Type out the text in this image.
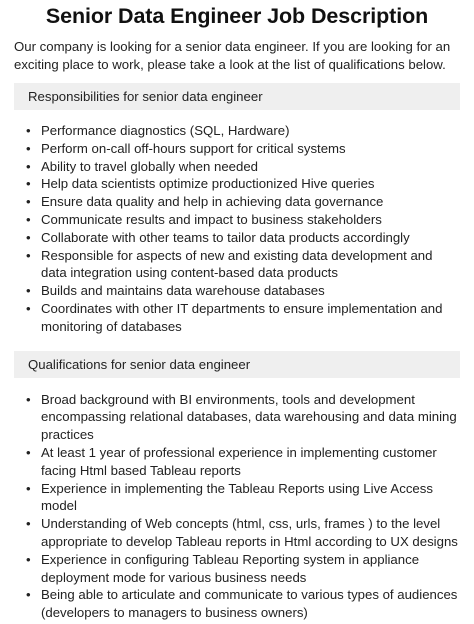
Senior Data Engineer Job Description

Our company is looking for a senior data engineer. If you are looking for an exciting place to work, please take a look at the list of qualifications below.

Responsibilities for senior data engineer
• Performance diagnostics (SQL, Hardware)
• Perform on-call off-hours support for critical systems
• Ability to travel globally when needed
• Help data scientists optimize productionized Hive queries
• Ensure data quality and help in achieving data governance
• Communicate results and impact to business stakeholders
• Collaborate with other teams to tailor data products accordingly
• Responsible for aspects of new and existing data development and data integration using content-based data products
• Builds and maintains data warehouse databases
• Coordinates with other IT departments to ensure implementation and monitoring of databases
Qualifications for senior data engineer
• Broad background with BI environments, tools and development encompassing relational databases, data warehousing and data mining practices
• At least 1 year of professional experience in implementing customer facing Html based Tableau reports
• Experience in implementing the Tableau Reports using Live Access model
• Understanding of Web concepts (html, css, urls, frames ) to the level appropriate to develop Tableau reports in Html according to UX designs
• Experience in configuring Tableau Reporting system in appliance deployment mode for various business needs
• Being able to articulate and communicate to various types of audiences (developers to managers to business owners)
